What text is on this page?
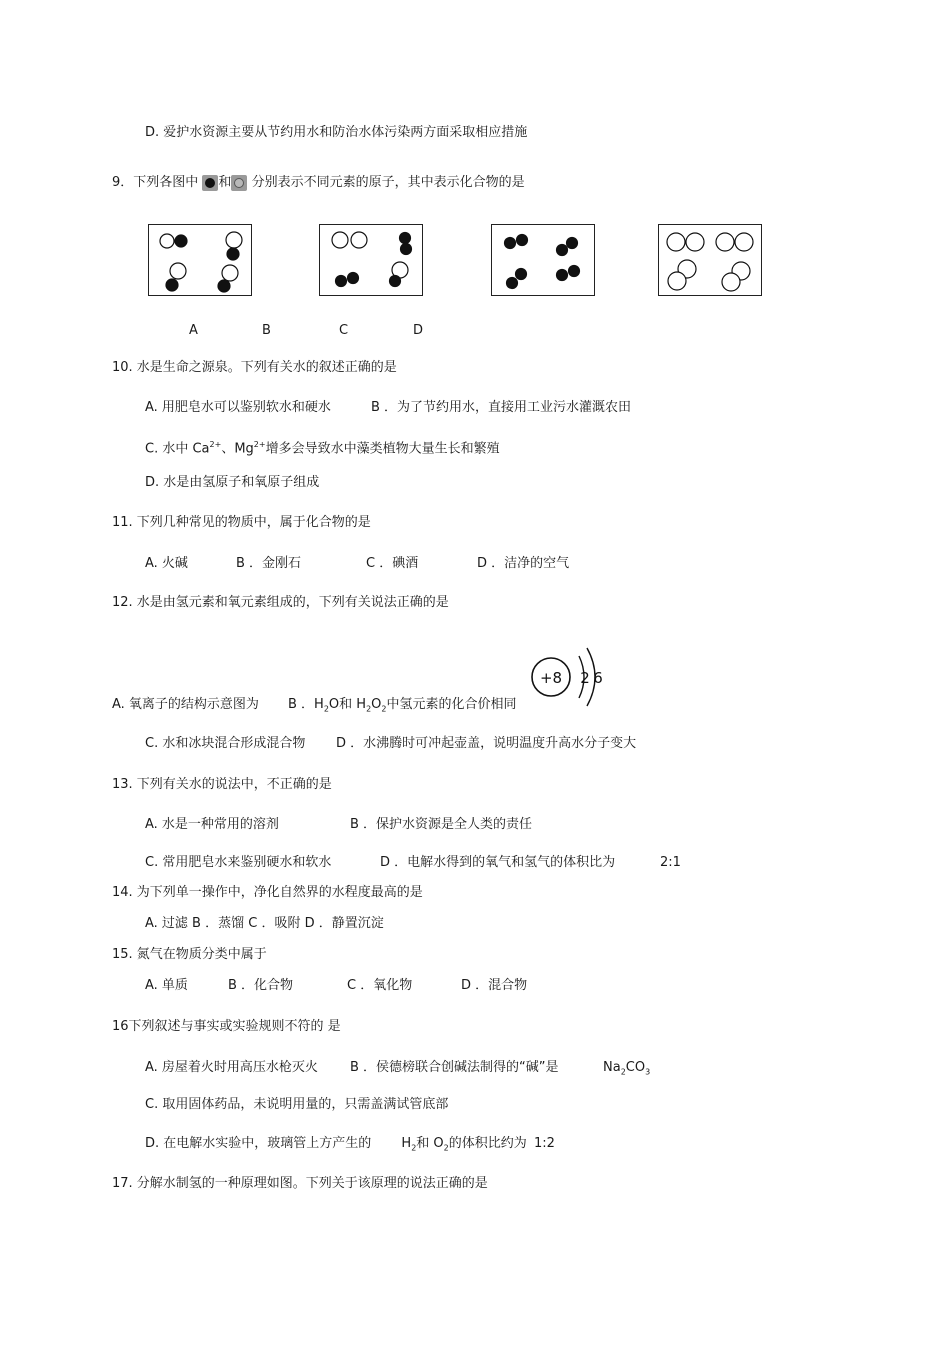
D. 爱护水资源主要从节约用水和防治水体污染两方面采取相应措施
9．下列各图中 和 分别表示不同元素的原子，其中表示化合物的是
A	B	C	D
10. 水是生命之源泉。下列有关水的叙述正确的是
A. 用肥皂水可以鉴别软水和硬水	B ．为了节约用水，直接用工业污水灌溉农田
C. 水中 $Ca^{2+}$、$Mg^{2+}$增多会导致水中藻类植物大量生长和繁殖
D. 水是由氢原子和氧原子组成
11. 下列几种常见的物质中，属于化合物的是
A. 火碱	B ．金刚石	C ．碘酒	D ．洁净的空气
12. 水是由氢元素和氧元素组成的，下列有关说法正确的是
+8 2 6
A. 氧离子的结构示意图为 B ．$H_2O$和 $H_2O_2$中氢元素的化合价相同
C. 水和冰块混合形成混合物 D ．水沸腾时可冲起壶盖，说明温度升高水分子变大
13. 下列有关水的说法中，不正确的是
A. 水是一种常用的溶剂	B ．保护水资源是全人类的责任
C. 常用肥皂水来鉴别硬水和软水	D ．电解水得到的氧气和氢气的体积比为	2:1
14. 为下列单一操作中，净化自然界的水程度最高的是
A. 过滤 B ．蒸馏 C ．吸附 D ．静置沉淀
15. 氮气在物质分类中属于
A. 单质	B ．化合物	C ．氧化物	D ．混合物
16下列叙述与事实或实验规则不符的 是
A. 房屋着火时用高压水枪灭火 B ．侯德榜联合创碱法制得的“碱”是	$Na_2CO_3$
C. 取用固体药品，未说明用量的，只需盖满试管底部
D. 在电解水实验中，玻璃管上方产生的 $H_2$和 $O_2$的体积比约为 1:2
17. 分解水制氢的一种原理如图。下列关于该原理的说法正确的是
